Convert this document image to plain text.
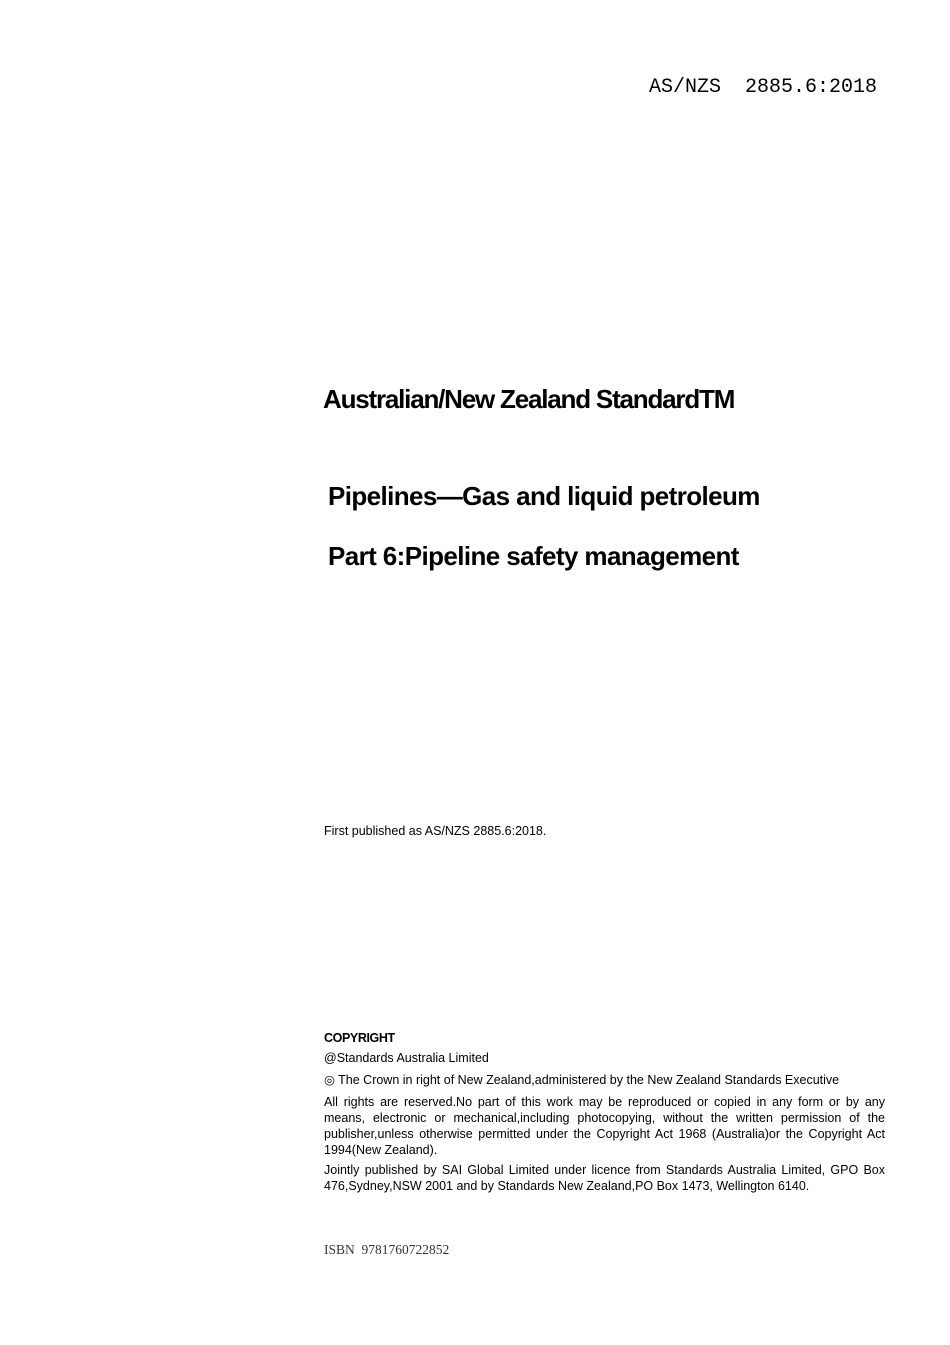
AS/NZS  2885.6:2018
Australian/New Zealand StandardTM
Pipelines—Gas and liquid petroleum
Part 6:Pipeline safety management
First published as AS/NZS 2885.6:2018.
COPYRIGHT
@Standards Australia Limited
◎ The Crown in right of New Zealand,administered by the New Zealand Standards Executive
All rights are reserved.No part of this work may be reproduced or copied in any form or by any means, electronic or mechanical,including photocopying, without the written permission of the publisher,unless otherwise permitted under the Copyright Act 1968 (Australia)or the Copyright Act 1994(New Zealand).
Jointly published by SAI Global Limited under licence from Standards Australia Limited, GPO Box 476,Sydney,NSW 2001 and by Standards New Zealand,PO Box 1473, Wellington 6140.
ISBN  9781760722852
